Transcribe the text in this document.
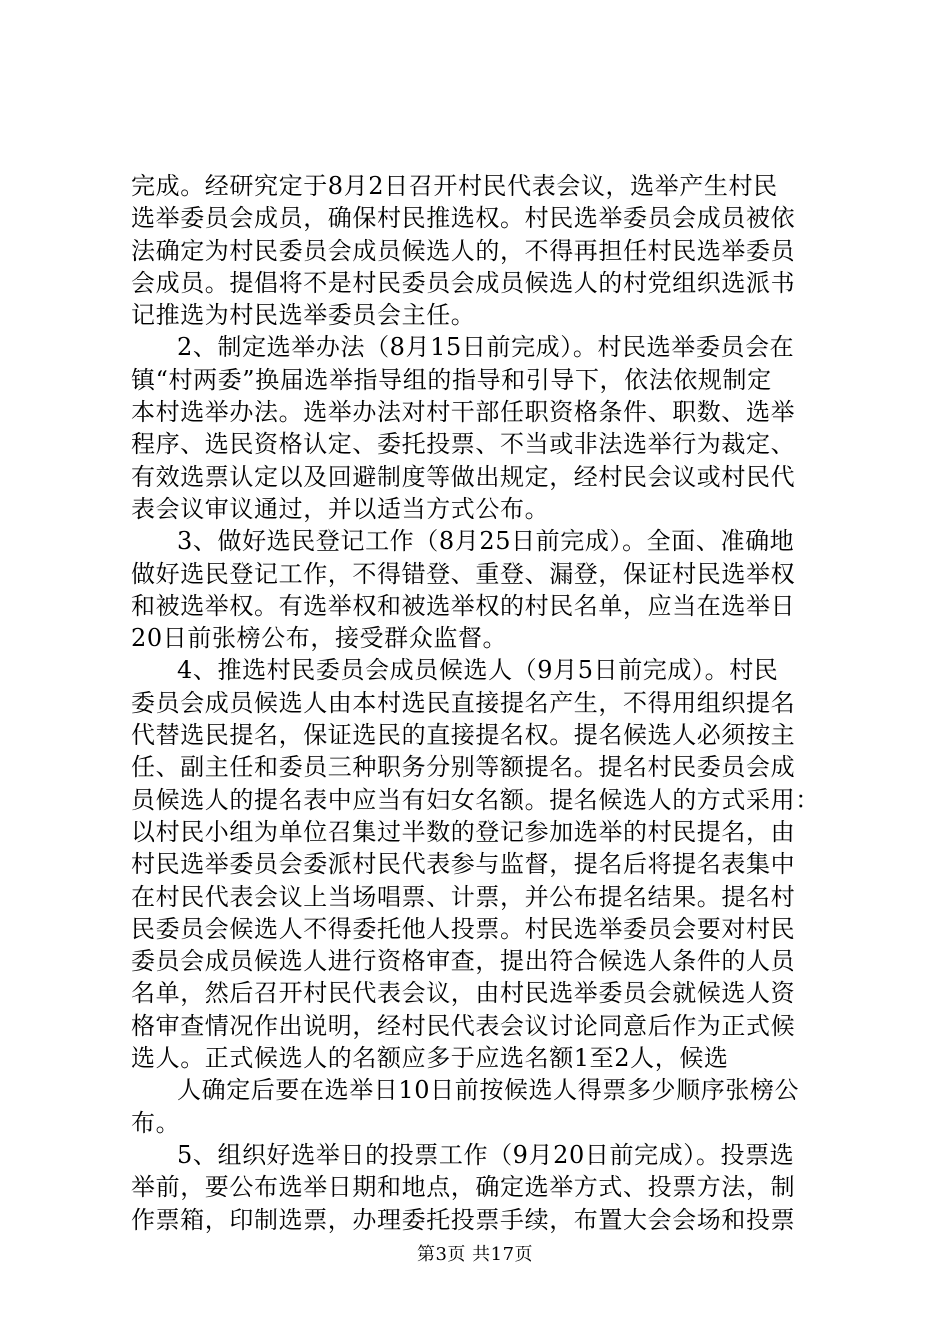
完成。经研究定于8月2日召开村民代表会议，选举产生村民
选举委员会成员，确保村民推选权。村民选举委员会成员被依
法确定为村民委员会成员候选人的，不得再担任村民选举委员
会成员。提倡将不是村民委员会成员候选人的村党组织选派书
记推选为村民选举委员会主任。
2、制定选举办法（8月15日前完成）。村民选举委员会在
镇“村两委”换届选举指导组的指导和引导下，依法依规制定
本村选举办法。选举办法对村干部任职资格条件、职数、选举
程序、选民资格认定、委托投票、不当或非法选举行为裁定、
有效选票认定以及回避制度等做出规定，经村民会议或村民代
表会议审议通过，并以适当方式公布。
3、做好选民登记工作（8月25日前完成）。全面、准确地
做好选民登记工作，不得错登、重登、漏登，保证村民选举权
和被选举权。有选举权和被选举权的村民名单，应当在选举日
20日前张榜公布，接受群众监督。
4、推选村民委员会成员候选人（9月5日前完成）。村民
委员会成员候选人由本村选民直接提名产生，不得用组织提名
代替选民提名，保证选民的直接提名权。提名候选人必须按主
任、副主任和委员三种职务分别等额提名。提名村民委员会成
员候选人的提名表中应当有妇女名额。提名候选人的方式采用：
以村民小组为单位召集过半数的登记参加选举的村民提名，由
村民选举委员会委派村民代表参与监督，提名后将提名表集中
在村民代表会议上当场唱票、计票，并公布提名结果。提名村
民委员会候选人不得委托他人投票。村民选举委员会要对村民
委员会成员候选人进行资格审查，提出符合候选人条件的人员
名单，然后召开村民代表会议，由村民选举委员会就候选人资
格审查情况作出说明，经村民代表会议讨论同意后作为正式候
选人。正式候选人的名额应多于应选名额1至2人，候选
人确定后要在选举日10日前按候选人得票多少顺序张榜公
布。
5、组织好选举日的投票工作（9月20日前完成）。投票选
举前，要公布选举日期和地点，确定选举方式、投票方法，制
作票箱，印制选票，办理委托投票手续，布置大会会场和投票
第3页 共17页
